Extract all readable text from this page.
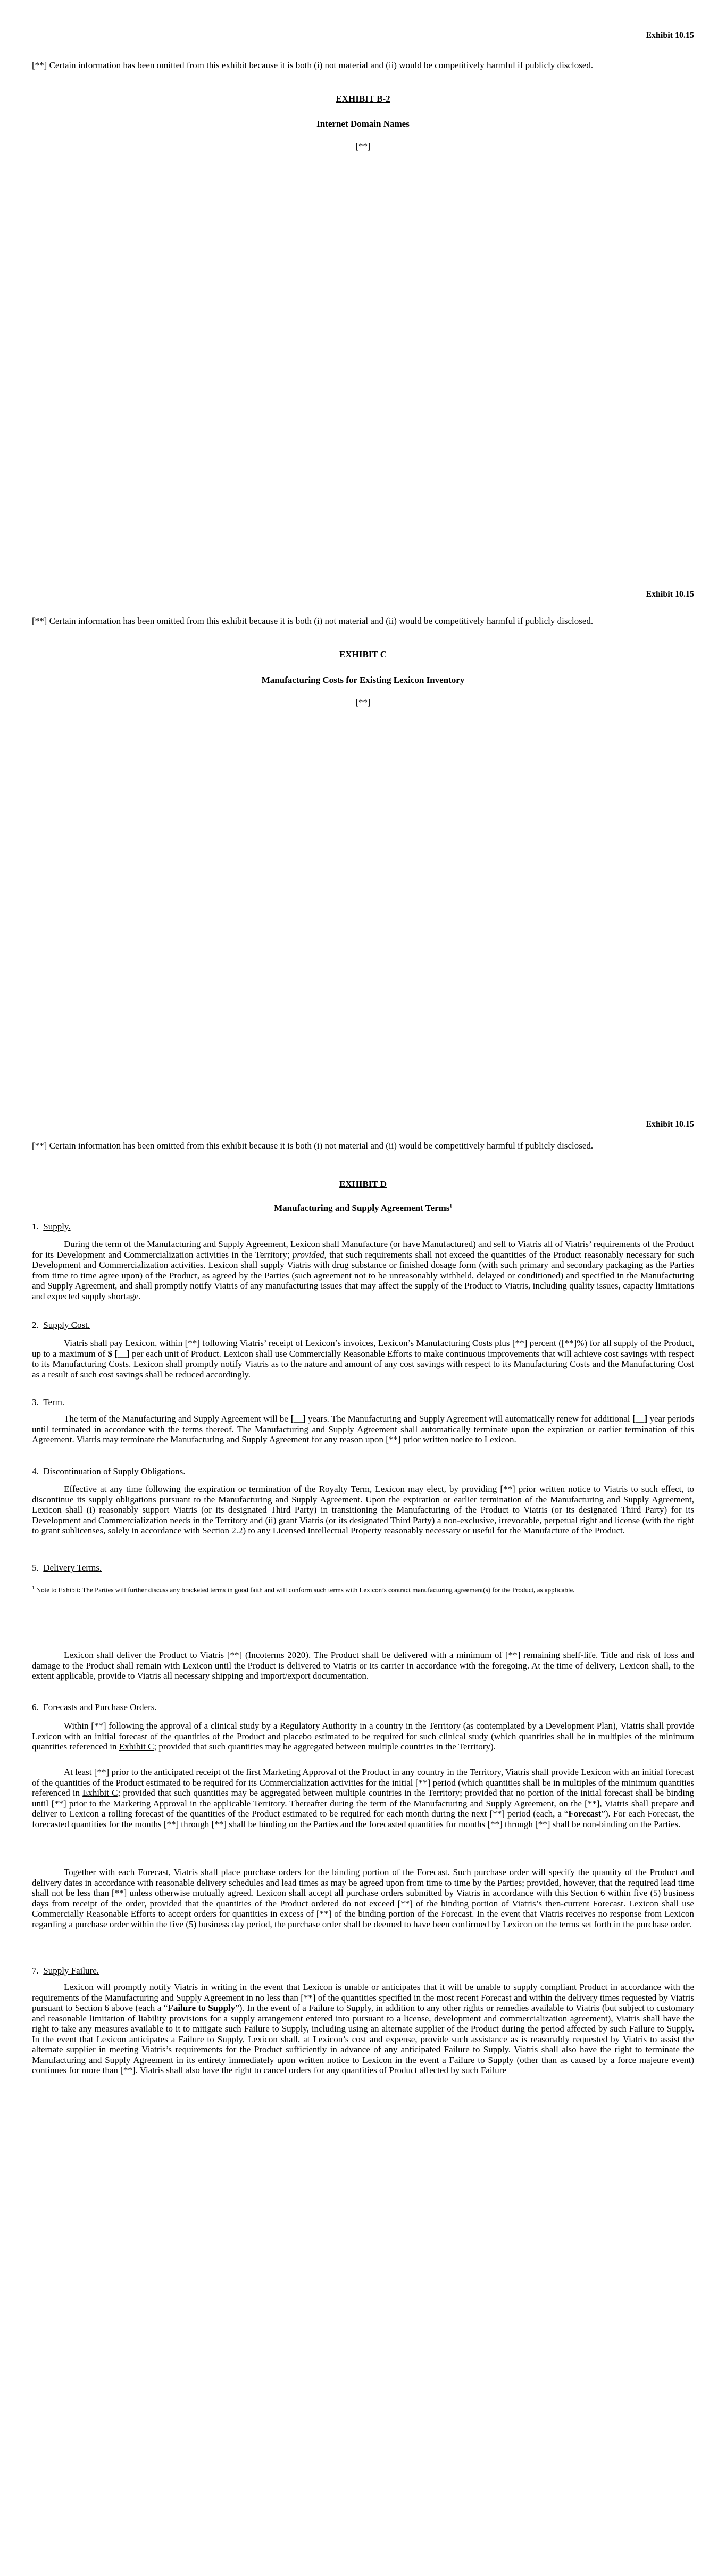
Exhibit 10.15
[**] Certain information has been omitted from this exhibit because it is both (i) not material and (ii) would be competitively harmful if publicly disclosed.
EXHIBIT B-2
Internet Domain Names
[**]
Exhibit 10.15
[**] Certain information has been omitted from this exhibit because it is both (i) not material and (ii) would be competitively harmful if publicly disclosed.
EXHIBIT C
Manufacturing Costs for Existing Lexicon Inventory
[**]
Exhibit 10.15
[**] Certain information has been omitted from this exhibit because it is both (i) not material and (ii) would be competitively harmful if publicly disclosed.
EXHIBIT D
Manufacturing and Supply Agreement Terms$^1$
1. Supply.
During the term of the Manufacturing and Supply Agreement, Lexicon shall Manufacture (or have Manufactured) and sell to Viatris all of Viatris’ requirements of the Product for its Development and Commercialization activities in the Territory; provided, that such requirements shall not exceed the quantities of the Product reasonably necessary for such Development and Commercialization activities. Lexicon shall supply Viatris with drug substance or finished dosage form (with such primary and secondary packaging as the Parties from time to time agree upon) of the Product, as agreed by the Parties (such agreement not to be unreasonably withheld, delayed or conditioned) and specified in the Manufacturing and Supply Agreement, and shall promptly notify Viatris of any manufacturing issues that may affect the supply of the Product to Viatris, including quality issues, capacity limitations and expected supply shortage.
2. Supply Cost.
Viatris shall pay Lexicon, within [**] following Viatris’ receipt of Lexicon’s invoices, Lexicon’s Manufacturing Costs plus [**] percent ([**]%) for all supply of the Product, up to a maximum of $ [__] per each unit of Product. Lexicon shall use Commercially Reasonable Efforts to make continuous improvements that will achieve cost savings with respect to its Manufacturing Costs. Lexicon shall promptly notify Viatris as to the nature and amount of any cost savings with respect to its Manufacturing Costs and the Manufacturing Cost as a result of such cost savings shall be reduced accordingly.
3. Term.
The term of the Manufacturing and Supply Agreement will be [__] years. The Manufacturing and Supply Agreement will automatically renew for additional [__] year periods until terminated in accordance with the terms thereof. The Manufacturing and Supply Agreement shall automatically terminate upon the expiration or earlier termination of this Agreement. Viatris may terminate the Manufacturing and Supply Agreement for any reason upon [**] prior written notice to Lexicon.
4. Discontinuation of Supply Obligations.
Effective at any time following the expiration or termination of the Royalty Term, Lexicon may elect, by providing [**] prior written notice to Viatris to such effect, to discontinue its supply obligations pursuant to the Manufacturing and Supply Agreement. Upon the expiration or earlier termination of the Manufacturing and Supply Agreement, Lexicon shall (i) reasonably support Viatris (or its designated Third Party) in transitioning the Manufacturing of the Product to Viatris (or its designated Third Party) for its Development and Commercialization needs in the Territory and (ii) grant Viatris (or its designated Third Party) a non-exclusive, irrevocable, perpetual right and license (with the right to grant sublicenses, solely in accordance with Section 2.2) to any Licensed Intellectual Property reasonably necessary or useful for the Manufacture of the Product.
5. Delivery Terms.
$^1$ Note to Exhibit: The Parties will further discuss any bracketed terms in good faith and will conform such terms with Lexicon’s contract manufacturing agreement(s) for the Product, as applicable.
Lexicon shall deliver the Product to Viatris [**] (Incoterms 2020). The Product shall be delivered with a minimum of [**] remaining shelf-life. Title and risk of loss and damage to the Product shall remain with Lexicon until the Product is delivered to Viatris or its carrier in accordance with the foregoing. At the time of delivery, Lexicon shall, to the extent applicable, provide to Viatris all necessary shipping and import/export documentation.
6. Forecasts and Purchase Orders.
Within [**] following the approval of a clinical study by a Regulatory Authority in a country in the Territory (as contemplated by a Development Plan), Viatris shall provide Lexicon with an initial forecast of the quantities of the Product and placebo estimated to be required for such clinical study (which quantities shall be in multiples of the minimum quantities referenced in Exhibit C; provided that such quantities may be aggregated between multiple countries in the Territory).
At least [**] prior to the anticipated receipt of the first Marketing Approval of the Product in any country in the Territory, Viatris shall provide Lexicon with an initial forecast of the quantities of the Product estimated to be required for its Commercialization activities for the initial [**] period (which quantities shall be in multiples of the minimum quantities referenced in Exhibit C; provided that such quantities may be aggregated between multiple countries in the Territory; provided that no portion of the initial forecast shall be binding until [**] prior to the Marketing Approval in the applicable Territory. Thereafter during the term of the Manufacturing and Supply Agreement, on the [**], Viatris shall prepare and deliver to Lexicon a rolling forecast of the quantities of the Product estimated to be required for each month during the next [**] period (each, a “Forecast”). For each Forecast, the forecasted quantities for the months [**] through [**] shall be binding on the Parties and the forecasted quantities for months [**] through [**] shall be non-binding on the Parties.
Together with each Forecast, Viatris shall place purchase orders for the binding portion of the Forecast. Such purchase order will specify the quantity of the Product and delivery dates in accordance with reasonable delivery schedules and lead times as may be agreed upon from time to time by the Parties; provided, however, that the required lead time shall not be less than [**] unless otherwise mutually agreed. Lexicon shall accept all purchase orders submitted by Viatris in accordance with this Section 6 within five (5) business days from receipt of the order, provided that the quantities of the Product ordered do not exceed [**] of the binding portion of Viatris’s then-current Forecast. Lexicon shall use Commercially Reasonable Efforts to accept orders for quantities in excess of [**] of the binding portion of the Forecast. In the event that Viatris receives no response from Lexicon regarding a purchase order within the five (5) business day period, the purchase order shall be deemed to have been confirmed by Lexicon on the terms set forth in the purchase order.
7. Supply Failure.
Lexicon will promptly notify Viatris in writing in the event that Lexicon is unable or anticipates that it will be unable to supply compliant Product in accordance with the requirements of the Manufacturing and Supply Agreement in no less than [**] of the quantities specified in the most recent Forecast and within the delivery times requested by Viatris pursuant to Section 6 above (each a “Failure to Supply”). In the event of a Failure to Supply, in addition to any other rights or remedies available to Viatris (but subject to customary and reasonable limitation of liability provisions for a supply arrangement entered into pursuant to a license, development and commercialization agreement), Viatris shall have the right to take any measures available to it to mitigate such Failure to Supply, including using an alternate supplier of the Product during the period affected by such Failure to Supply. In the event that Lexicon anticipates a Failure to Supply, Lexicon shall, at Lexicon’s cost and expense, provide such assistance as is reasonably requested by Viatris to assist the alternate supplier in meeting Viatris’s requirements for the Product sufficiently in advance of any anticipated Failure to Supply. Viatris shall also have the right to terminate the Manufacturing and Supply Agreement in its entirety immediately upon written notice to Lexicon in the event a Failure to Supply (other than as caused by a force majeure event) continues for more than [**]. Viatris shall also have the right to cancel orders for any quantities of Product affected by such Failure
